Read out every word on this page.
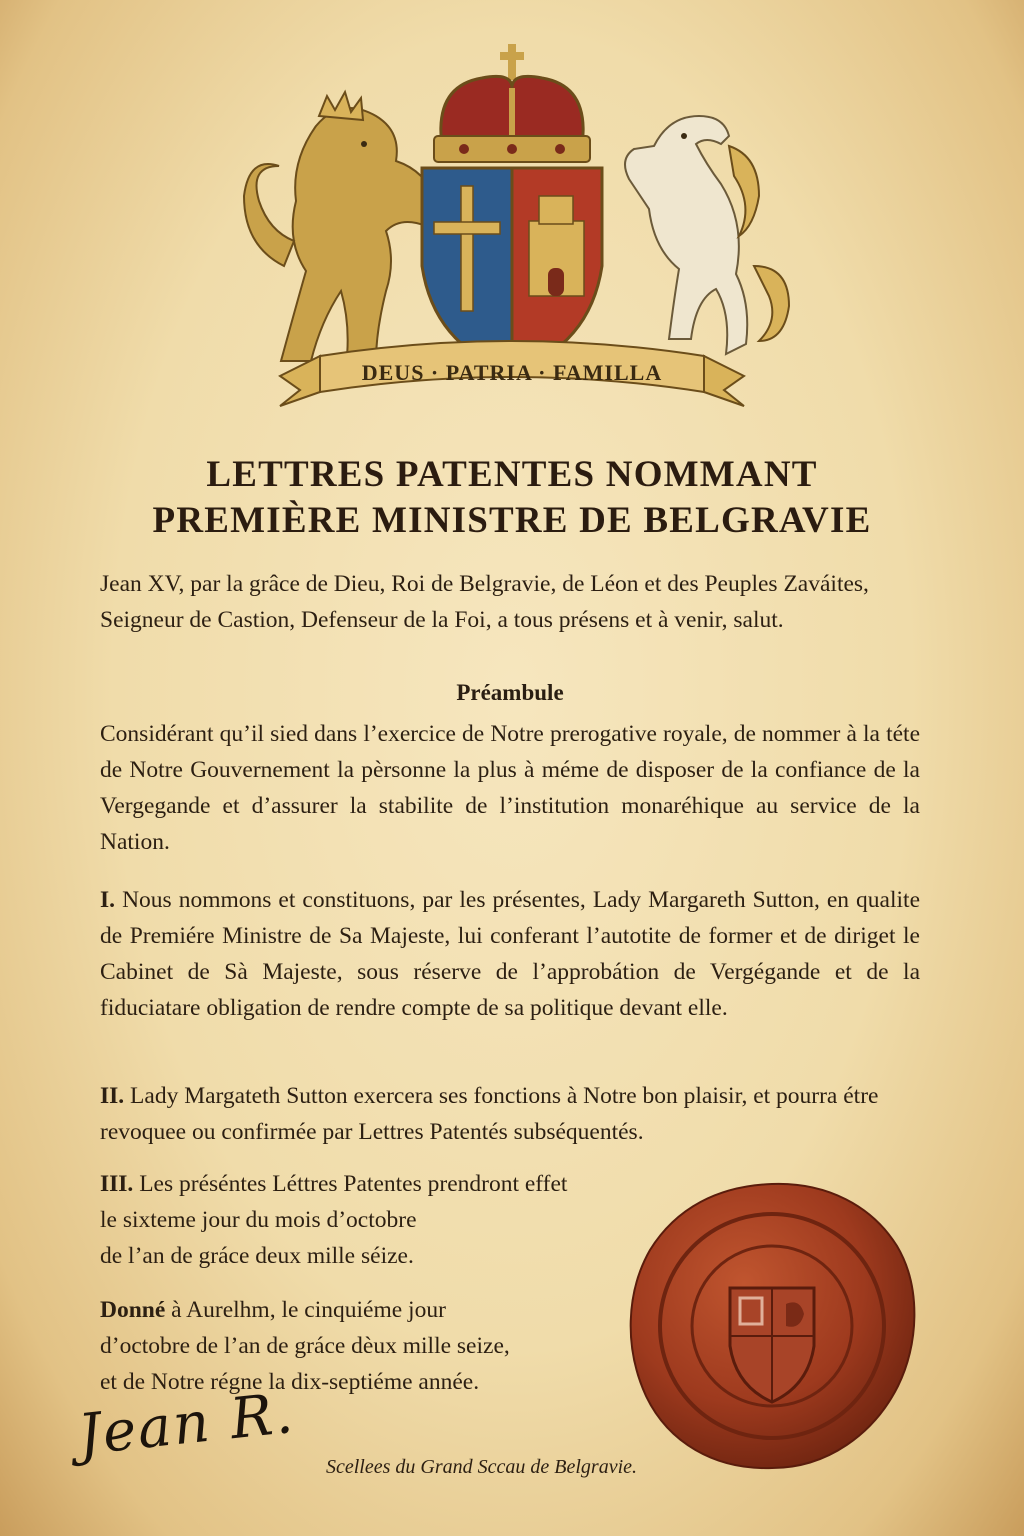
DEUS · PATRIA · FAMILLA
LETTRES PATENTES NOMMANT
PREMIÈRE MINISTRE DE BELGRAVIE
Jean XV, par la grâce de Dieu, Roi de Belgravie, de Léon et des Peuples Zaváites, Seigneur de Castion, Defenseur de la Foi, a tous présens et à venir, salut.
Préambule
Considérant qu’il sied dans l’exercice de Notre prerogative royale, de nommer à la téte de Notre Gouvernement la pèrsonne la plus à méme de disposer de la confiance de la Vergegande et d’assurer la stabilite de l’institution monaréhique au service de la Nation.
I. Nous nommons et constituons, par les présentes, Lady Margareth Sutton, en qualite de Premiére Ministre de Sa Majeste, lui conferant l’autotite de former et de diriget le Cabinet de Sà Majeste, sous réserve de l’approbátion de Vergégande et de la fiduciatare obligation de rendre compte de sa politique devant elle.
II. Lady Margateth Sutton exercera ses fonctions à Notre bon plaisir, et pourra étre revoquee ou confirmée par Lettres Patentés subséquentés.
III. Les préséntes Léttres Patentes prendront effet
le sixteme jour du mois d’octobre
de l’an de gráce deux mille séize.
Donné à Aurelhm, le cinquiéme jour
d’octobre de l’an de gráce dèux mille seize,
et de Notre régne la dix-septiéme année.
Jean R. Scellees du Grand Sccau de Belgravie.
